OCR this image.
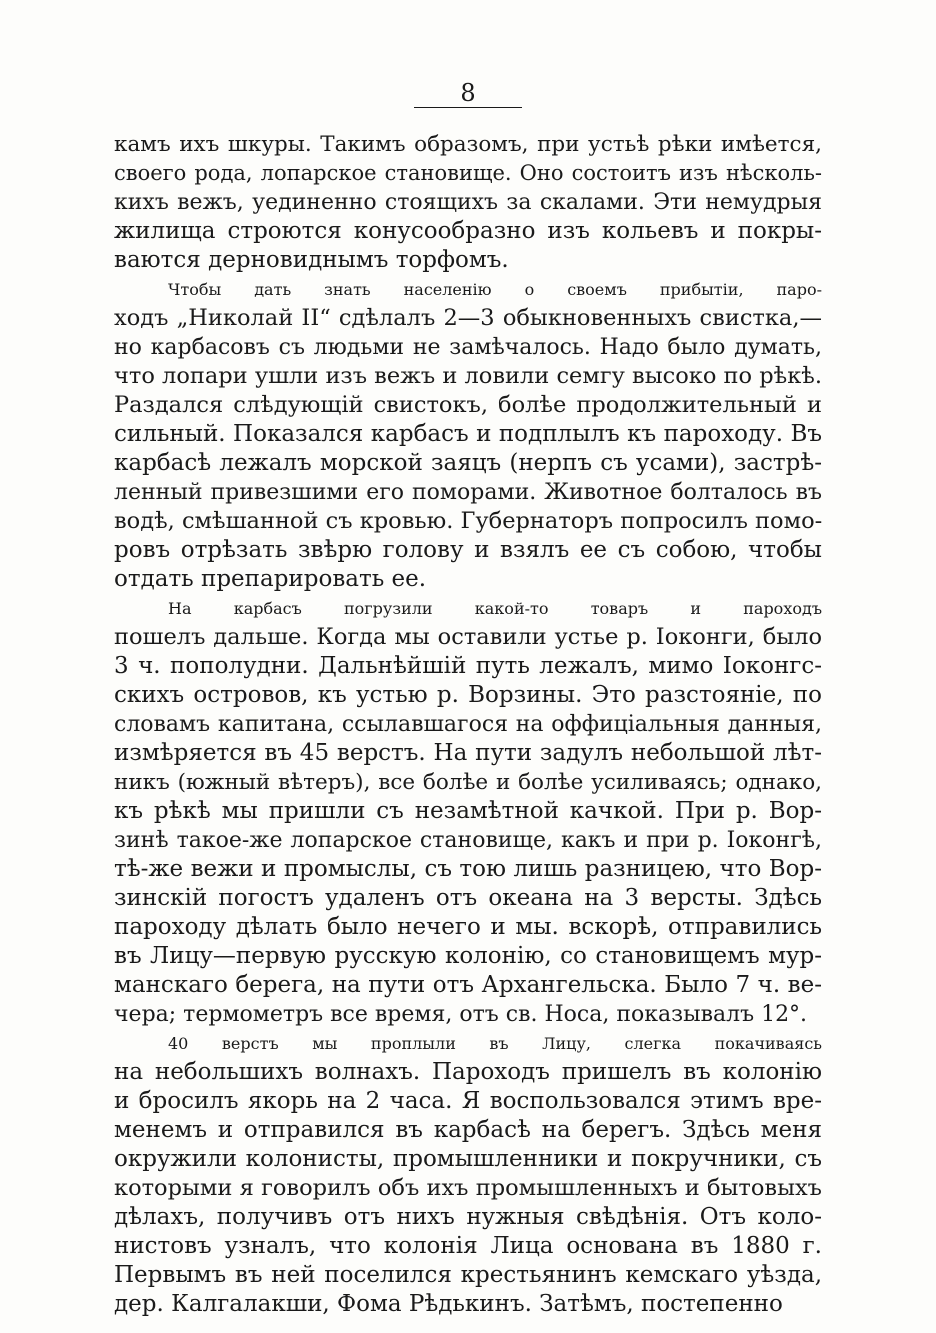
8
камъ ихъ шкуры. Такимъ образомъ, при устьѣ рѣки имѣется,
своего рода, лопарское становище. Оно состоитъ изъ нѣсколь-
кихъ вежъ, уединенно стоящихъ за скалами. Эти немудрыя
жилища строются конусообразно изъ кольевъ и покры-
ваются дерновиднымъ торфомъ.
Чтобы дать знать населенію о своемъ прибытіи, паро-
ходъ „Николай II“ сдѣлалъ 2—3 обыкновенныхъ свистка,—
но карбасовъ съ людьми не замѣчалось. Надо было думать,
что лопари ушли изъ вежъ и ловили семгу высоко по рѣкѣ.
Раздался слѣдующій свистокъ, болѣе продолжительный и
сильный. Показался карбасъ и подплылъ къ пароходу. Въ
карбасѣ лежалъ морской заяцъ (нерпъ съ усами), застрѣ-
ленный привезшими его поморами. Животное болталось въ
водѣ, смѣшанной съ кровью. Губернаторъ попросилъ помо-
ровъ отрѣзать звѣрю голову и взялъ ее съ собою, чтобы
отдать препарировать ее.
На карбасъ погрузили какой-то товаръ и пароходъ
пошелъ дальше. Когда мы оставили устье р. Іоконги, было
3 ч. пополудни. Дальнѣйшій путь лежалъ, мимо Іоконгс-
скихъ островов, къ устью р. Ворзины. Это разстояніе, по
словамъ капитана, ссылавшагося на оффиціальныя данныя,
измѣряется въ 45 верстъ. На пути задулъ небольшой лѣт-
никъ (южный вѣтеръ), все болѣе и болѣе усиливаясь; однако,
къ рѣкѣ мы пришли съ незамѣтной качкой. При р. Вор-
зинѣ такое-же лопарское становище, какъ и при р. Іоконгѣ,
тѣ-же вежи и промыслы, съ тою лишь разницею, что Вор-
зинскій погостъ удаленъ отъ океана на 3 версты. Здѣсь
пароходу дѣлать было нечего и мы. вскорѣ, отправились
въ Лицу—первую русскую колонію, со становищемъ мур-
манскаго берега, на пути отъ Архангельска. Было 7 ч. ве-
чера; термометръ все время, отъ св. Носа, показывалъ 12°.
40 верстъ мы проплыли въ Лицу, слегка покачиваясь
на небольшихъ волнахъ. Пароходъ пришелъ въ колонію
и бросилъ якорь на 2 часа. Я воспользовался этимъ вре-
менемъ и отправился въ карбасѣ на берегъ. Здѣсь меня
окружили колонисты, промышленники и покручники, съ
которыми я говорилъ объ ихъ промышленныхъ и бытовыхъ
дѣлахъ, получивъ отъ нихъ нужныя свѣдѣнія. Отъ коло-
нистовъ узналъ, что колонія Лица основана въ 1880 г.
Первымъ въ ней поселился крестьянинъ кемскаго уѣзда,
дер. Калгалакши, Фома Рѣдькинъ. Затѣмъ, постепенно
